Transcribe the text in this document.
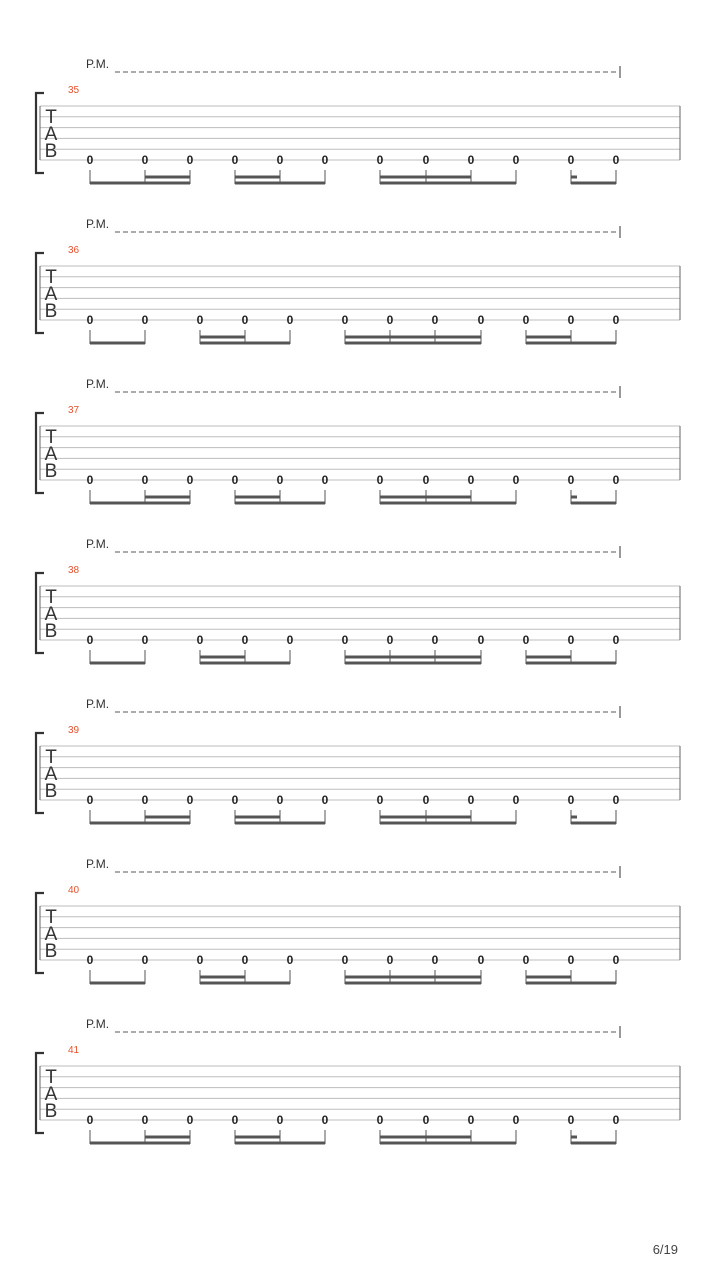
P.M.
35
T
A
B 0	0	0	0	0	0	0	0	0	0	0	0
P.M.
36
T
A
B 0	0	0	0	0	0	0	0	0	0	0	0
P.M.
37
T
A
B 0	0	0	0	0	0	0	0	0	0	0	0
P.M.
38
T
A
B 0	0	0	0	0	0	0	0	0	0	0	0
P.M.
39
T
A
B 0	0	0	0	0	0	0	0	0	0	0	0
P.M.
40
T
A
B 0	0	0	0	0	0	0	0	0	0	0	0
P.M.
41
T
A
B 0	0	0	0	0	0	0	0	0	0	0	0
6/19
